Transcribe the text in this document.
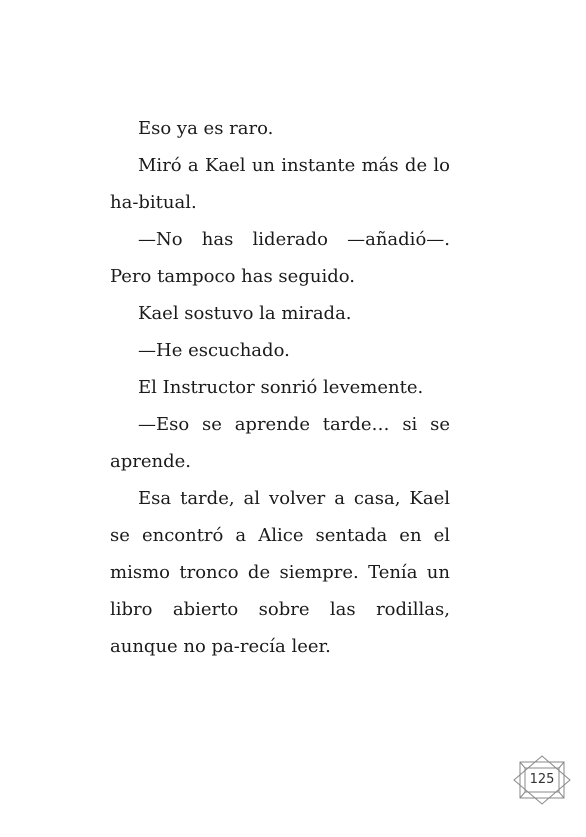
Eso ya es raro.

Miró a Kael un instante más de lo ha-bitual.

—No has liderado —añadió—. Pero tampoco has seguido.

Kael sostuvo la mirada.

—He escuchado.

El Instructor sonrió levemente.

—Eso se aprende tarde… si se aprende.

Esa tarde, al volver a casa, Kael se encontró a Alice sentada en el mismo tronco de siempre. Tenía un libro abierto sobre las rodillas, aunque no pa-recía leer.

125
